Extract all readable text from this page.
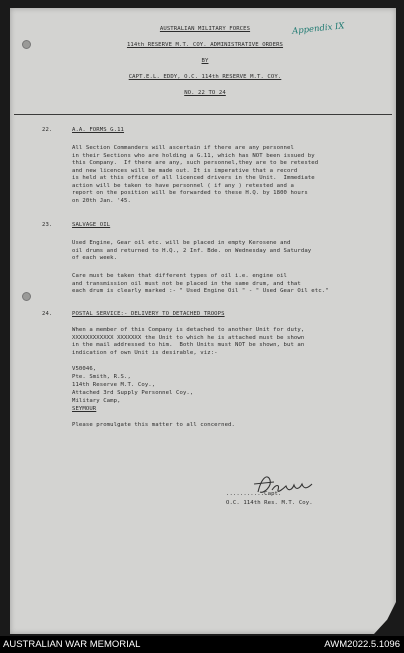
Appendix IX
AUSTRALIAN MILITARY FORCES
114th RESERVE M.T. COY. ADMINISTRATIVE ORDERS
BY
CAPT.E.L. EDDY, O.C. 114th RESERVE M.T. COY.
NO. 22 TO 24
22.	A.A. FORMS G.11
All Section Commanders will ascertain if there are any personnel
in their Sections who are holding a G.11, which has NOT been issued by
this Company.  If there are any, such personnel,they are to be retested
and new licences will be made out. It is imperative that a record
is held at this office of all licenced drivers in the Unit.  Immediate
action will be taken to have personnel ( if any ) retested and a
report on the position will be forwarded to these H.Q. by 1800 hours
on 20th Jan. '45.
23.	SALVAGE OIL
Used Engine, Gear oil etc. will be placed in empty Kerosene and
oil drums and returned to H.Q., 2 Inf. Bde. on Wednesday and Saturday
of each week.
Care must be taken that different types of oil i.e. engine oil
and transmission oil must not be placed in the same drum, and that
each drum is clearly marked :- " Used Engine Oil " - " Used Gear Oil etc."
24.	POSTAL SERVICE:- DELIVERY TO DETACHED TROOPS
When a member of this Company is detached to another Unit for duty,
XXXXXXXXXXXX XXXXXXX the Unit to which he is attached must be shown
in the mail addressed to him.  Both Units must NOT be shown, but an
indication of own Unit is desirable, viz:-
V50046,
Pte. Smith, R.S.,
114th Reserve M.T. Coy.,
Attached 3rd Supply Personnel Coy.,
Military Camp,
SEYMOUR
Please promulgate this matter to all concerned.
...........Capt.
O.C. 114th Res. M.T. Coy.
AUSTRALIAN WAR MEMORIAL	AWM2022.5.1096
